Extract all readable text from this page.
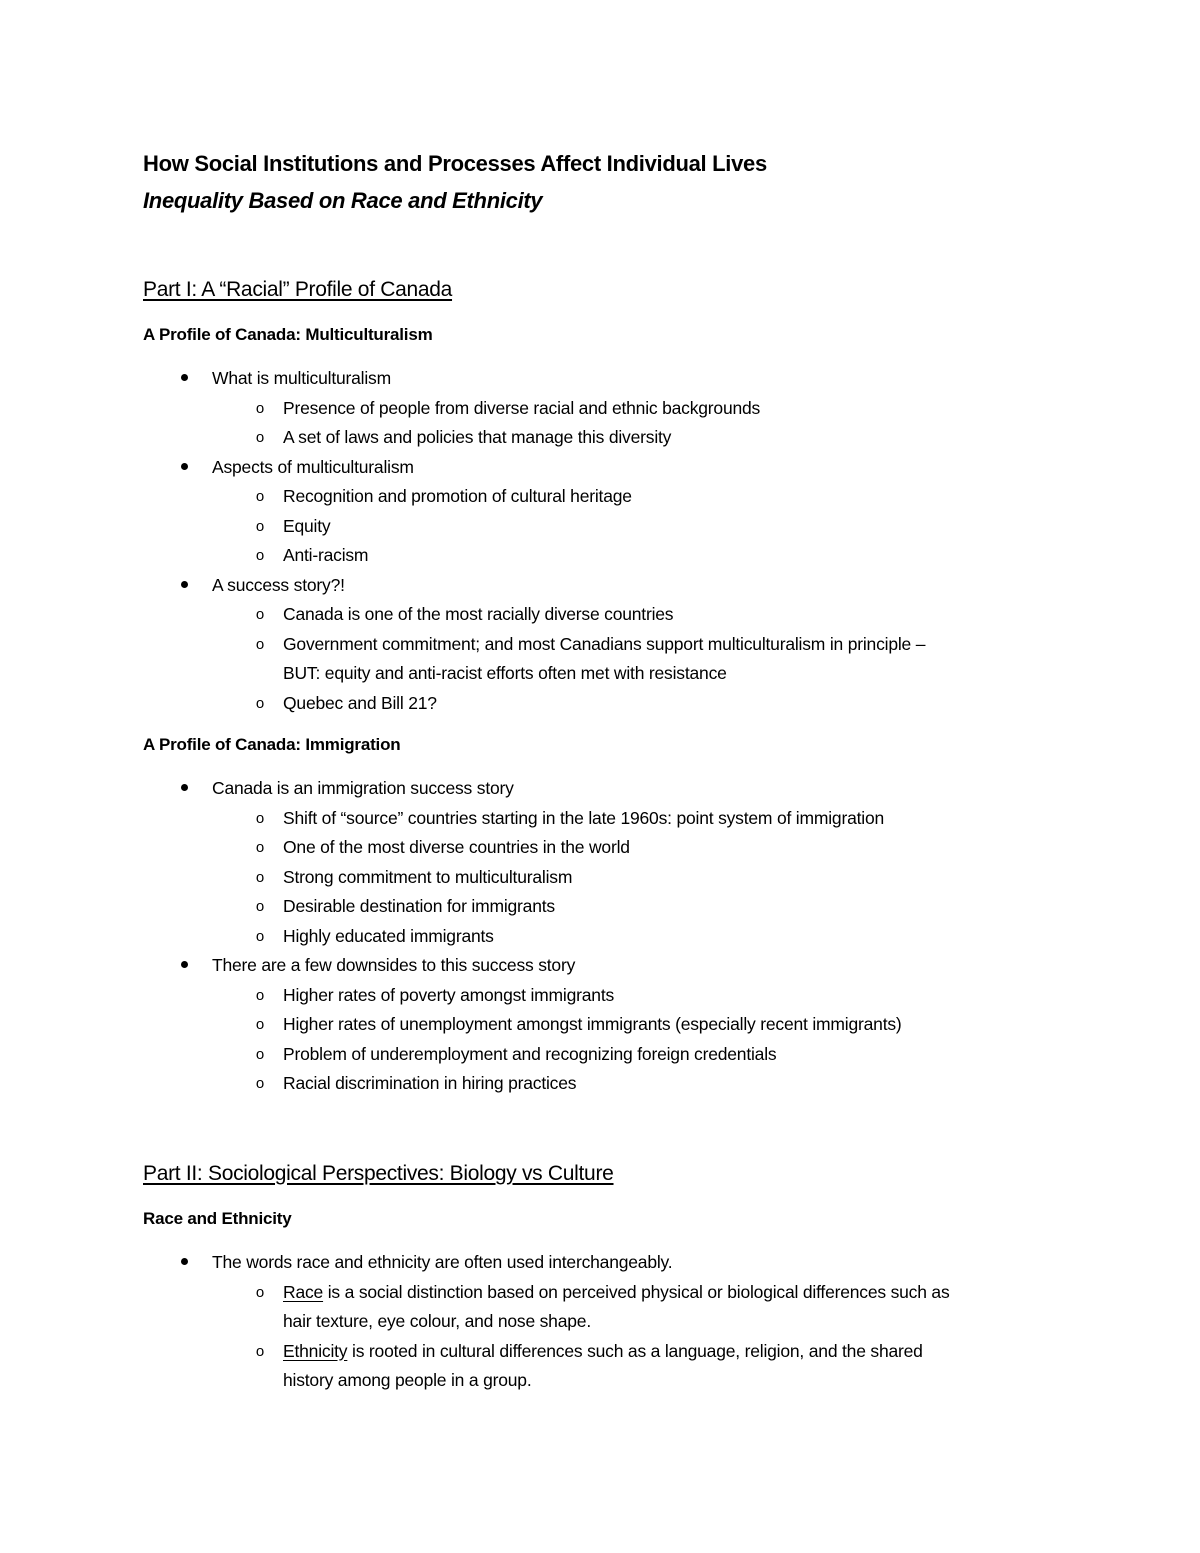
How Social Institutions and Processes Affect Individual Lives
Inequality Based on Race and Ethnicity
Part I: A “Racial” Profile of Canada
A Profile of Canada: Multiculturalism
What is multiculturalism
o	Presence of people from diverse racial and ethnic backgrounds
o	A set of laws and policies that manage this diversity
Aspects of multiculturalism
o	Recognition and promotion of cultural heritage
o	Equity
o	Anti-racism
A success story?!
o	Canada is one of the most racially diverse countries
o	Government commitment; and most Canadians support multiculturalism in principle –
BUT: equity and anti-racist efforts often met with resistance
o	Quebec and Bill 21?
A Profile of Canada: Immigration
Canada is an immigration success story
o	Shift of “source” countries starting in the late 1960s: point system of immigration
o	One of the most diverse countries in the world
o	Strong commitment to multiculturalism
o	Desirable destination for immigrants
o	Highly educated immigrants
There are a few downsides to this success story
o	Higher rates of poverty amongst immigrants
o	Higher rates of unemployment amongst immigrants (especially recent immigrants)
o	Problem of underemployment and recognizing foreign credentials
o	Racial discrimination in hiring practices
Part II: Sociological Perspectives: Biology vs Culture
Race and Ethnicity
The words race and ethnicity are often used interchangeably.
o	Race is a social distinction based on perceived physical or biological differences such as
hair texture, eye colour, and nose shape.
o	Ethnicity is rooted in cultural differences such as a language, religion, and the shared
history among people in a group.
